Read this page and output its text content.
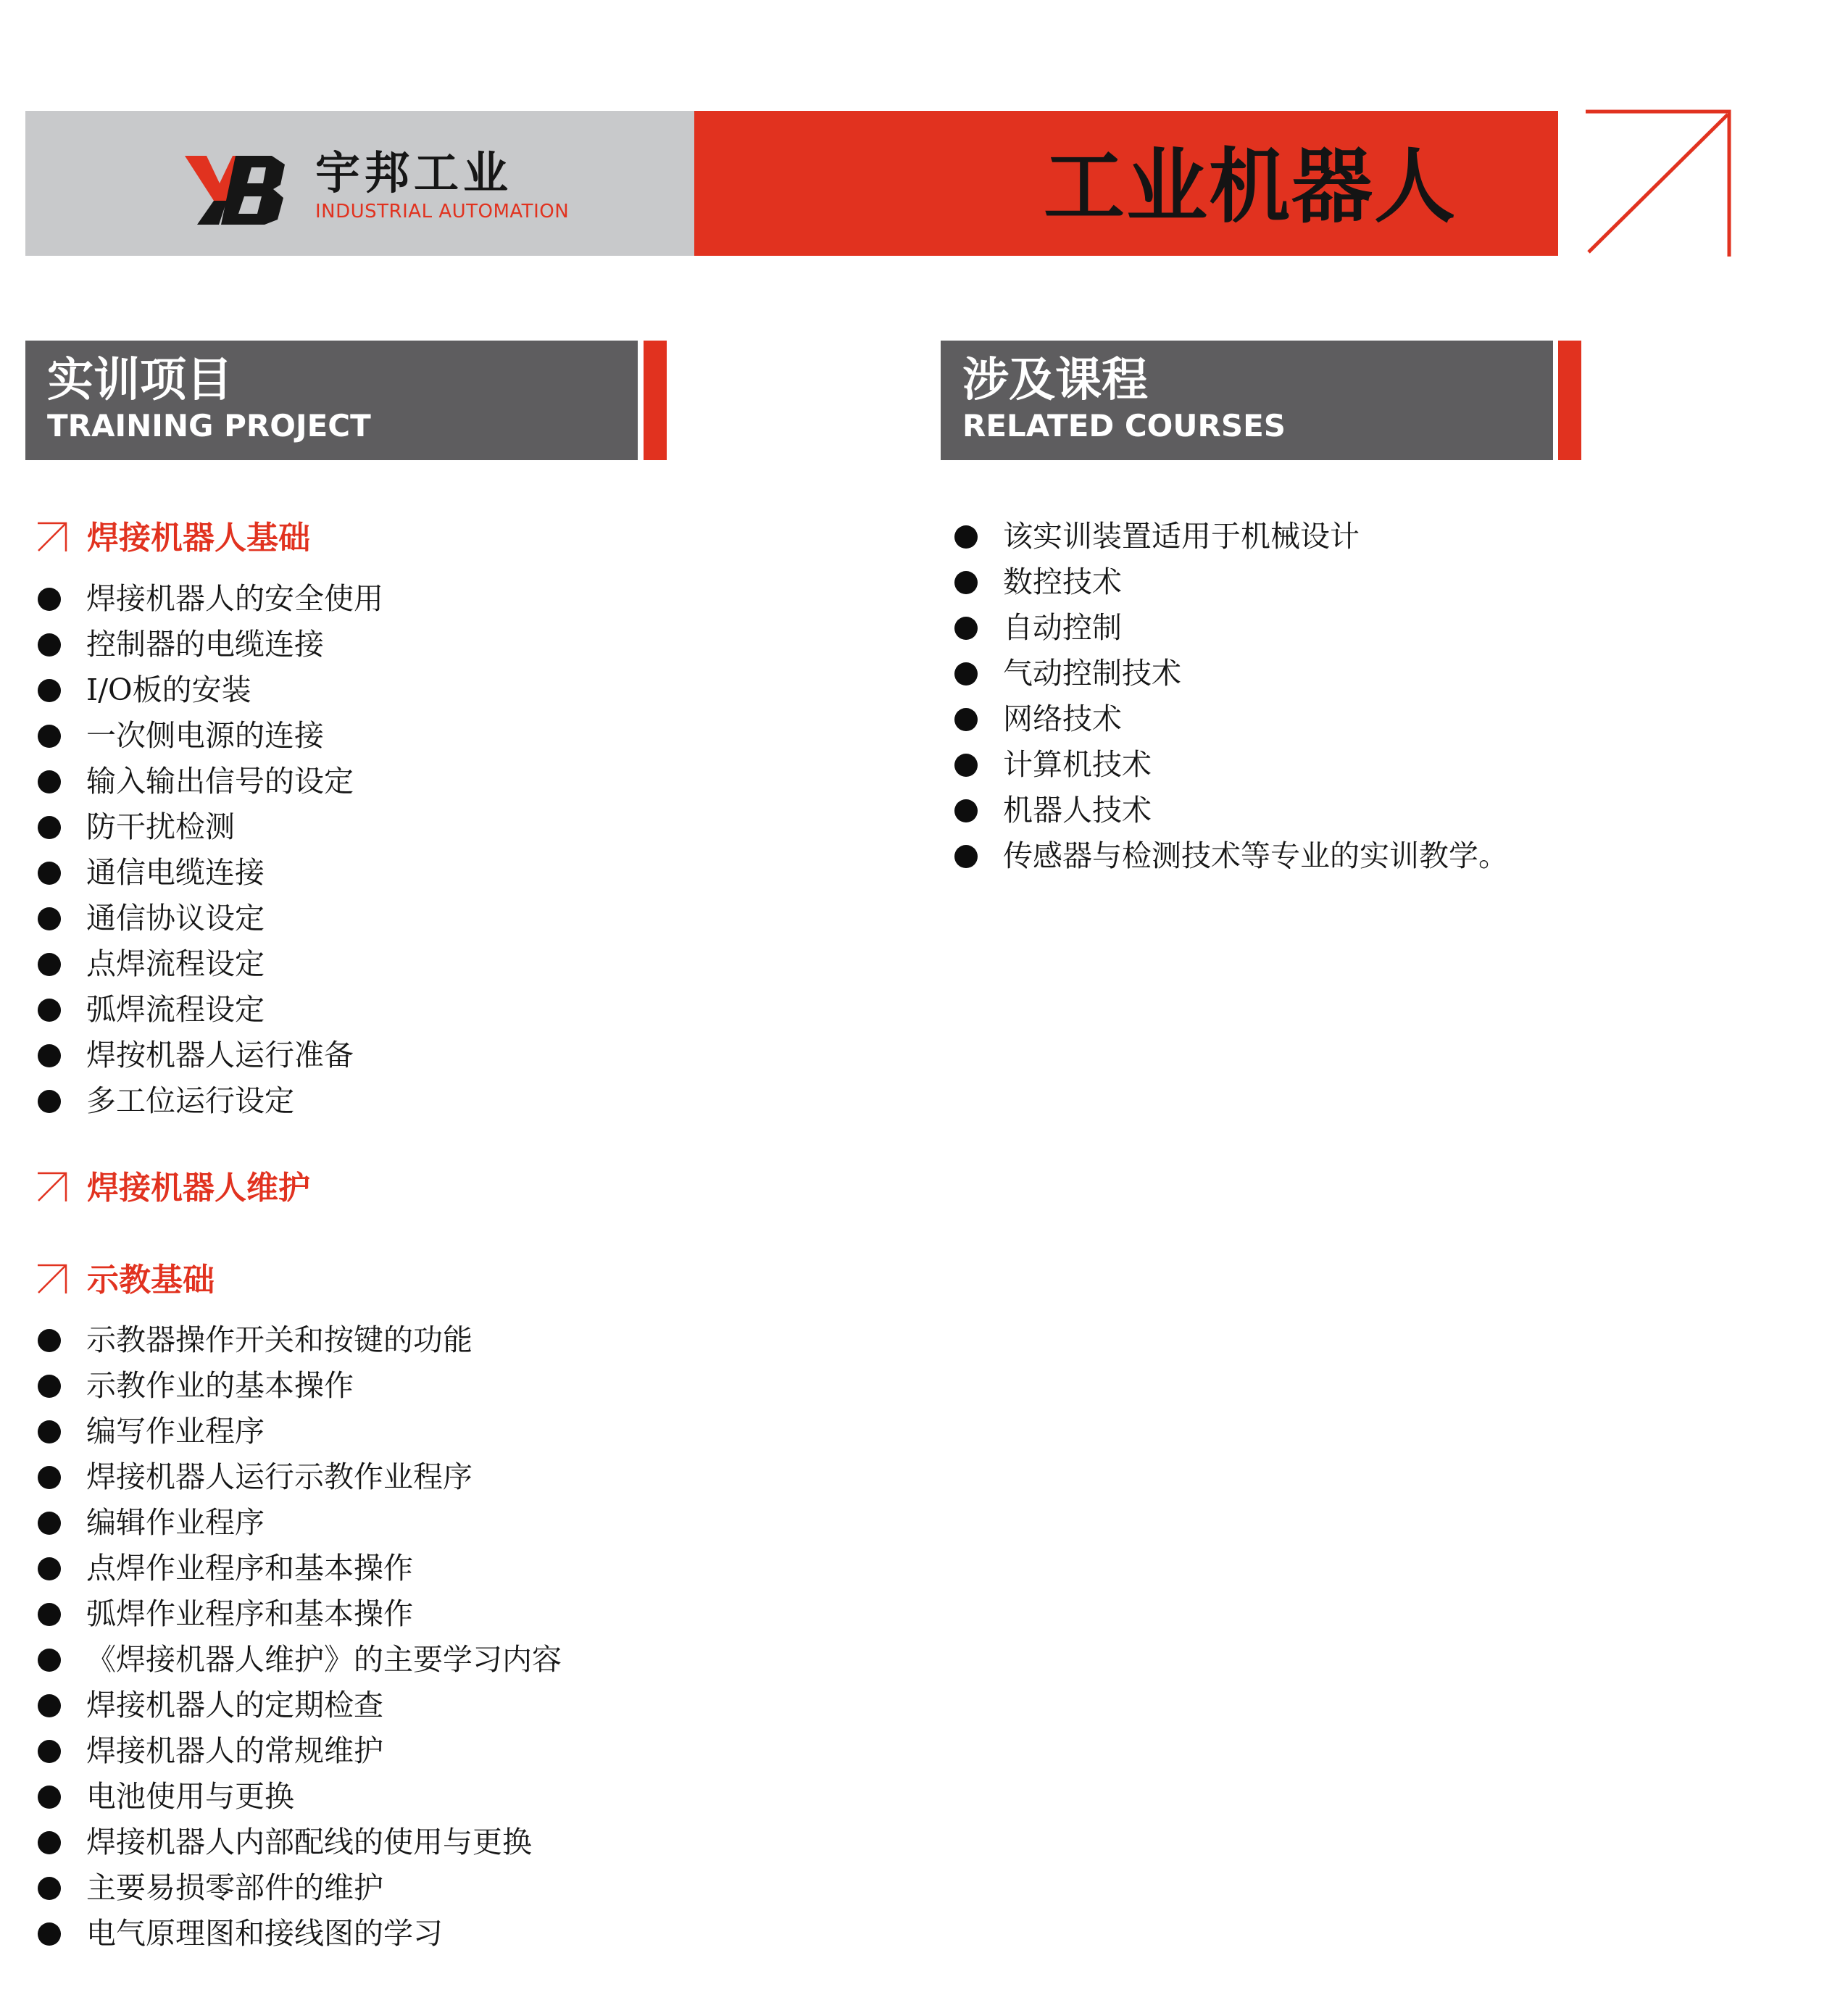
宇邦工业
INDUSTRIAL AUTOMATION	工业机器人
实训项目
TRAINING PROJECT
涉及课程
RELATED COURSES
焊接机器人基础
焊接机器人的安全使用
控制器的电缆连接
I/O板的安装
一次侧电源的连接
输入输出信号的设定
防干扰检测
通信电缆连接
通信协议设定
点焊流程设定
弧焊流程设定
焊按机器人运行准备
多工位运行设定
焊接机器人维护
示教基础
示教器操作开关和按键的功能
示教作业的基本操作
编写作业程序
焊接机器人运行示教作业程序
编辑作业程序
点焊作业程序和基本操作
弧焊作业程序和基本操作
《焊接机器人维护》的主要学习内容
焊接机器人的定期检查
焊接机器人的常规维护
电池使用与更换
焊接机器人内部配线的使用与更换
主要易损零部件的维护
电气原理图和接线图的学习
该实训装置适用于机械设计
数控技术
自动控制
气动控制技术
网络技术
计算机技术
机器人技术
传感器与检测技术等专业的实训教学。
